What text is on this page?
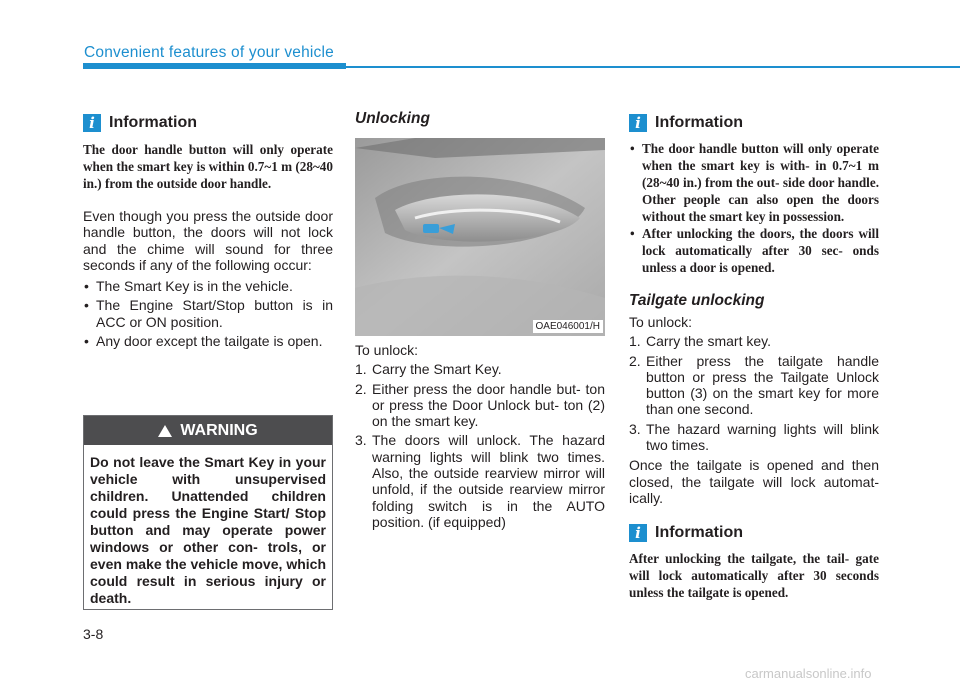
Convenient features of your vehicle
i Information

The door handle button will only operate when the smart key is within 0.7~1 m (28~40 in.) from the outside door handle.

Even though you press the outside door handle button, the doors will not lock and the chime will sound for three seconds if any of the following occur:

• The Smart Key is in the vehicle.
• The Engine Start/Stop button is in ACC or ON position.
• Any door except the tailgate is open.
WARNING
Do not leave the Smart Key in your vehicle with unsupervised children. Unattended children could press the Engine Start/ Stop button and may operate power windows or other con- trols, or even make the vehicle move, which could result in serious injury or death.
Unlocking
OAE046001/H

To unlock:

1. Carry the Smart Key.
2. Either press the door handle but- ton or press the Door Unlock but- ton (2) on the smart key.
3. The doors will unlock. The hazard warning lights will blink two times. Also, the outside rearview mirror will unfold, if the outside rearview mirror folding switch is in the AUTO position. (if equipped)
i Information
• The door handle button will only operate when the smart key is with- in 0.7~1 m (28~40 in.) from the out- side door handle. Other people can also open the doors without the smart key in possession.
• After unlocking the doors, the doors will lock automatically after 30 sec- onds unless a door is opened.
Tailgate unlocking

To unlock:

1. Carry the smart key.
2. Either press the tailgate handle button or press the Tailgate Unlock button (3) on the smart key for more than one second.
3. The hazard warning lights will blink two times.

Once the tailgate is opened and then closed, the tailgate will lock automat- ically.

i Information

After unlocking the tailgate, the tail- gate will lock automatically after 30 seconds unless the tailgate is opened.

3-8
carmanualsonline.info
